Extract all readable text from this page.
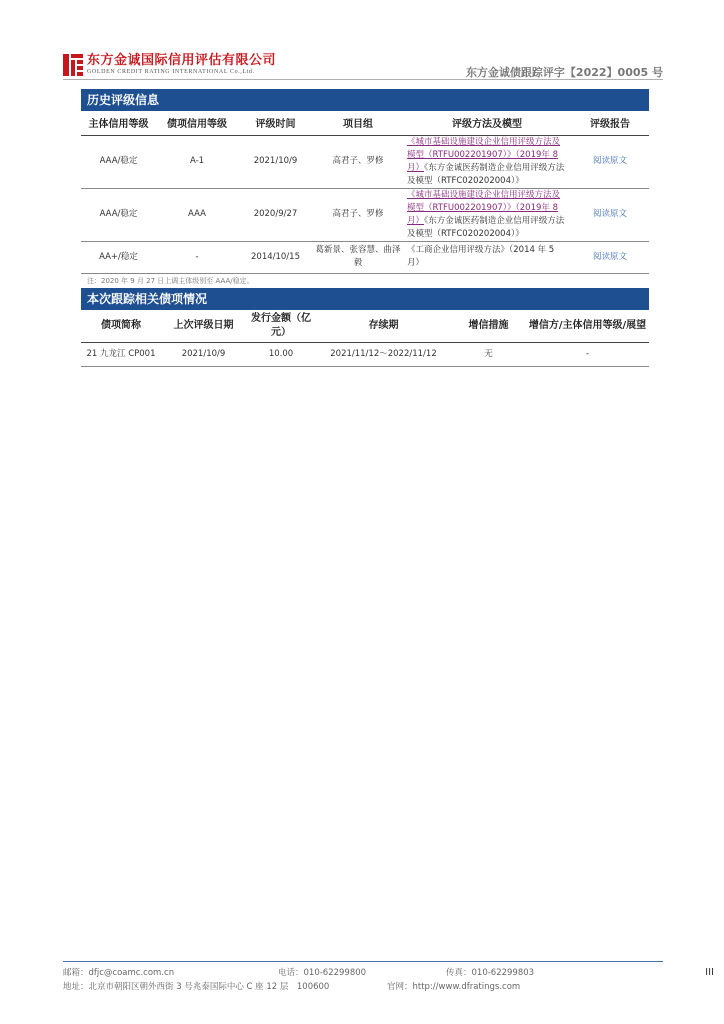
东方金诚国际信用评估有限公司
GOLDEN CREDIT RATING INTERNATIONAL Co.,Ltd.	东方金诚债跟踪评字【2022】0005 号
历史评级信息
主体信用等级	债项信用等级	评级时间	项目组	评级方法及模型	评级报告
AAA/稳定	A-1	2021/10/9	高君子、罗修	《城市基础设施建设企业信用评级方法及模型（RTFU002201907）》（2019年 8 月）《东方金诚医药制造企业信用评级方法及模型（RTFC020202004）》	阅读原文
AAA/稳定	AAA	2020/9/27	高君子、罗修	《城市基础设施建设企业信用评级方法及模型（RTFU002201907）》（2019年 8 月）《东方金诚医药制造企业信用评级方法及模型（RTFC020202004）》	阅读原文
AA+/稳定	-	2014/10/15	葛新景、张容慧、曲泽毅	《工商企业信用评级方法》（2014 年 5 月）	阅读原文
注：2020 年 9 月 27 日上调主体级别至 AAA/稳定。
本次跟踪相关债项情况
债项简称	上次评级日期	发行金额（亿元）	存续期	增信措施	增信方/主体信用等级/展望
21 九龙江 CP001	2021/10/9	10.00	2021/11/12～2022/11/12	无	-
邮箱：dfjc@coamc.com.cn	电话：010-62299800	传真：010-62299803
地址：北京市朝阳区朝外西街 3 号兆泰国际中心 C 座 12 层　100600	官网：http://www.dfratings.com
III
